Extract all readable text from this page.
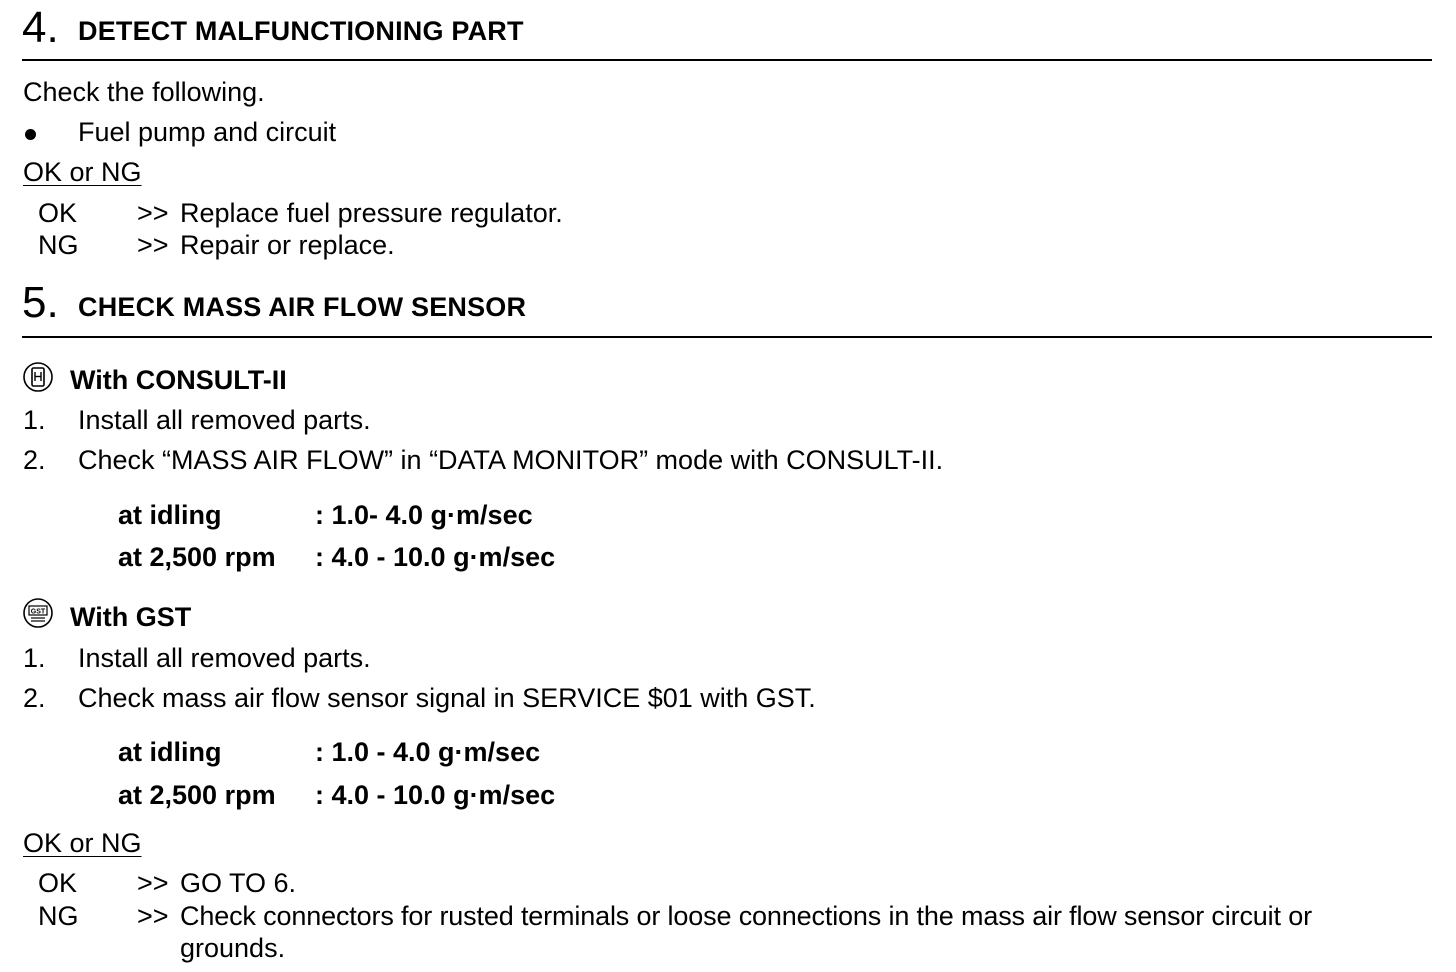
4. DETECT MALFUNCTIONING PART
Check the following.
Fuel pump and circuit
OK or NG
OK >> Replace fuel pressure regulator.
NG >> Repair or replace.
5. CHECK MASS AIR FLOW SENSOR
With CONSULT-II
1. Install all removed parts.
2. Check “MASS AIR FLOW” in “DATA MONITOR” mode with CONSULT-II.
at idling	: 1.0- 4.0 g·m/sec
at 2,500 rpm : 4.0 - 10.0 g·m/sec
GST With GST
1. Install all removed parts.
2. Check mass air flow sensor signal in SERVICE $01 with GST.
at idling	: 1.0 - 4.0 g·m/sec
at 2,500 rpm : 4.0 - 10.0 g·m/sec
OK or NG
OK >> GO TO 6.
NG >> Check connectors for rusted terminals or loose connections in the mass air flow sensor circuit or
grounds.
